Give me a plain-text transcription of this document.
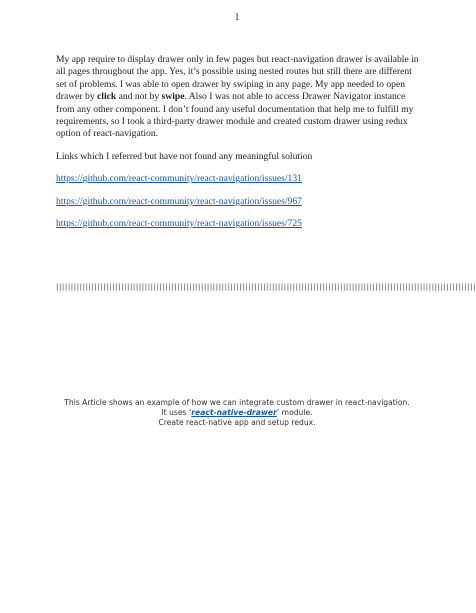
1

My app require to display drawer only in few pages but react-navigation drawer is available in all pages throughout the app. Yes, it’s possible using nested routes but still there are different set of problems. I was able to open drawer by swiping in any page. My app needed to open drawer by click and not by swipe. Also I was not able to access Drawer Navigator instance from any other component. I don’t found any useful documentation that help me to fulfill my requirements, so I took a third-party drawer module and created custom drawer using redux option of react-navigation.

Links which I referred but have not found any meaningful solution

https://github.com/react-community/react-navigation/issues/131
https://github.com/react-community/react-navigation/issues/967
https://github.com/react-community/react-navigation/issues/725
||||||||||||||||||||||||||||||||||||||||||||||||||||||||||||||||||||||||||||||||||||||||||||||||||||||||||||||||||||||||||||||||||||||||||||||
This Article shows an example of how we can integrate custom drawer in react-navigation.
It uses ‘react-native-drawer’ module.
Create react-native app and setup redux.
